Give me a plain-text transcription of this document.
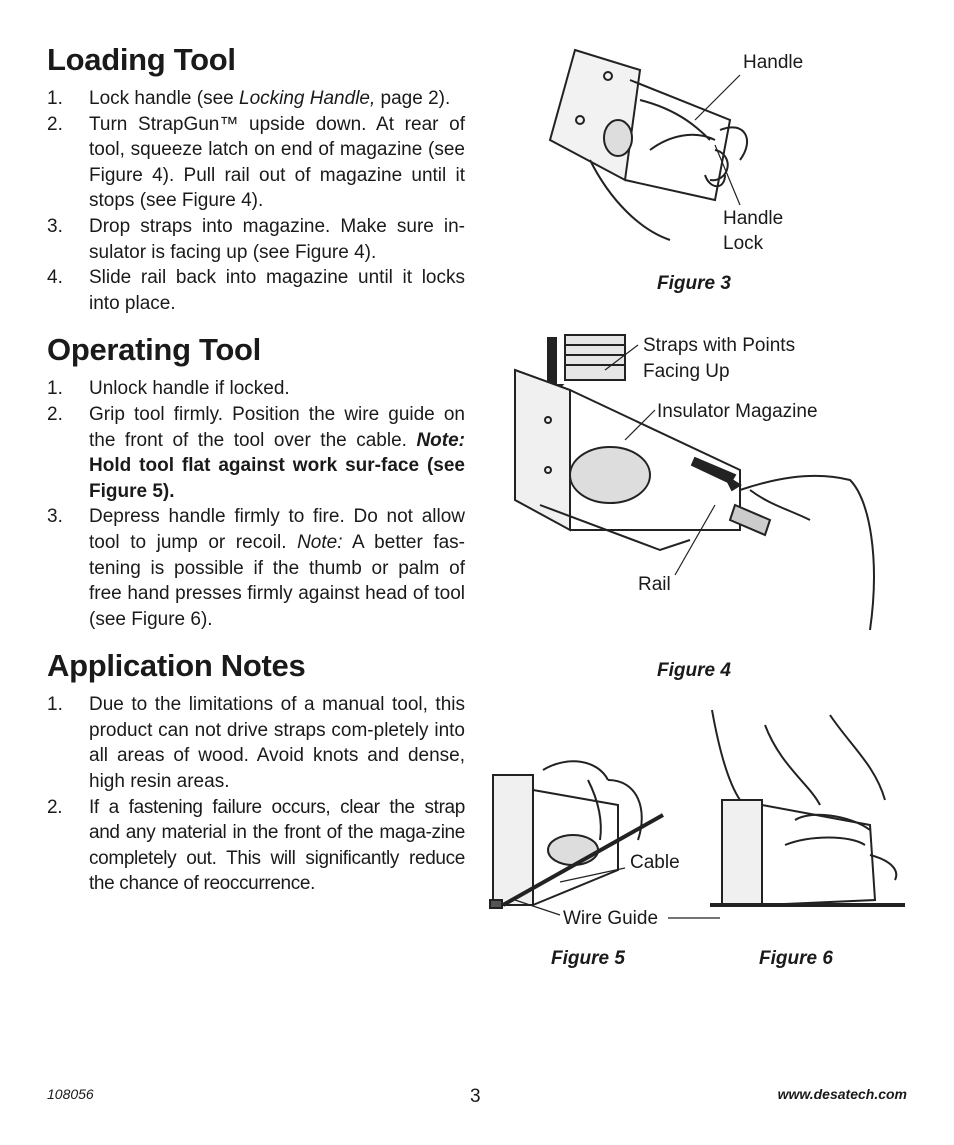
Loading Tool
1. Lock handle (see Locking Handle, page 2).
2. Turn StrapGun™ upside down. At rear of tool, squeeze latch on end of magazine (see Figure 4). Pull rail out of magazine until it stops (see Figure 4).
3. Drop straps into magazine. Make sure in-sulator is facing up (see Figure 4).
4. Slide rail back into magazine until it locks into place.
Operating Tool
1. Unlock handle if locked.
2. Grip tool firmly. Position the wire guide on the front of the tool over the cable. Note: Hold tool flat against work sur-face (see Figure 5).
3. Depress handle firmly to fire. Do not allow tool to jump or recoil. Note: A better fas-tening is possible if the thumb or palm of free hand presses firmly against head of tool (see Figure 6).
Application Notes
1. Due to the limitations of a manual tool, this product can not drive straps com-pletely into all areas of wood. Avoid knots and dense, high resin areas.
2. If a fastening failure occurs, clear the strap and any material in the front of the maga-zine completely out. This will significantly reduce the chance of reoccurrence.
Handle
Handle
Lock
Figure 3
Straps with Points
Facing Up
Insulator Magazine
Rail
Figure 4
Cable
Wire Guide
Figure 5	Figure 6
108056	3	www.desatech.com
